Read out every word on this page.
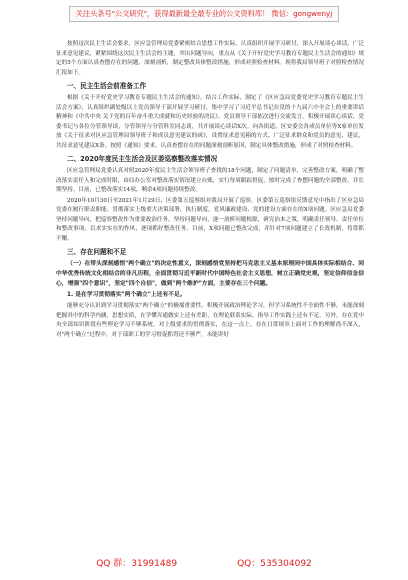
关注头条号"公文研究"，获得最新最全最专业的公文资料库！ 微信：gongwenyj

按照这次民主生活会要求，区应急管理局党委紧密结合思想工作实际，认真组织开展学习研讨，深入开展谈心谈话，广泛征求意见建议，紧紧围绕这次民主生活会的主题，突出问题导向，重点从《关于开好党史学习教育专题民主生活会的通知》规定的5个方面认真查摆存在的问题，深刻剖析，制定整改具体整改措施，形成对照检查材料。现将我局领导班子对照检查情况汇报如下。

一、民主生活会前准备工作

根据《关于开好党史学习教育专题民主生活会的通知》，结合工作实际，制定了《区应急局党委党史学习教育专题民主生活会方案》，认真组织副处级以上党员领导干部开展学习研讨，集中学习了习近平总书记在党的十九届六中全会上的重要讲话精神和《中共中央 关于党的百年奋斗重大成就和历史经验的决议》，党员领导干部依次进行交流发言。积极开展谈心谈话，党委书记与各位分管领导谈，分管领导与分管科室同志谈，共开展谈心谈话X次。向各街道、区安委会各成员单位等X家单位发放《关于征求对区应急管理局领导班子和成员意见建议的函》，设置征求意见箱的方式，广泛征求群众和党员的意见、建议，共征求意见建议X条。按照《通知》要求，认真查摆存在的问题深刻剖析原因，制定具体整改措施，形成了对照检查材料。

二、2020年度民主生活会及区委巡察整改落实情况

区应急管理局党委认真对照2020年度民主生活会领导班子查找的18个问题，制定了问题清单，完善整改方案，明确了整改落实责任人和完成时限，由局办公室对整改落实情况建立台账，实行每周跟踪督促，按时完成了查摆问题的全部整改，并长期坚持。目前，已整改落实14项，剩余4项问题持续整改。

2020年10月30日至2021年1月29日，区委第五巡察组对我局开展了巡察。区委第五巡察组反馈意见中指出了区应急局党委在履行职责职能、贯彻落实上级重大决策部署，执行制度，党风廉政建设、党的建设方面存在的X项问题。区应急局党委坚持问题导向，把巡察整改作为重要政治任务，坚持问题导向，逐一剖析问题根源，研究治本之策，明确责任领导、责任单位和整改事项，以求实实在的作风，逐项抓好整改任务。目前，X项问题已整改完成，并针对7项问题建立了长效机制，将常抓不懈。

三、存在问题和不足

（一）在带头深刻感悟"两个确立"的决定性意义，深刻感悟党坚持把马克思主义基本原理同中国具体实际相结合、同中华优秀传统文化相结合的非凡历程，全面贯彻习近平新时代中国特色社会主义思想，树立正确党史观，坚定信仰信念信心，增强"四个意识"，坚定"四个自信"，做到"两个维护"方面，主要存在三个问题。

1. 是在学习贯彻落实"两个确立"上还有不足。

能够充分认识到学习贯彻落实"两个确立"的极端重要性，积极开展政治理论学习，但学习系统性不全面性不够，未能深刻把握其中的科学内涵、思想实质，在学懂弄通做实上还有差距，在理论联系实际、指导工作实践上还有不足。另外，存在党中央全部知识阶段有些理论学习不够系统，对上级要求的贯彻落实，在这一点上，存在日常规章上面对工作的理解尚不深入，对"两个确立"过程中，对于部职工的学习督促抓得还不够严，未能讲好

QQ 群：31991489	QQ：535304092
